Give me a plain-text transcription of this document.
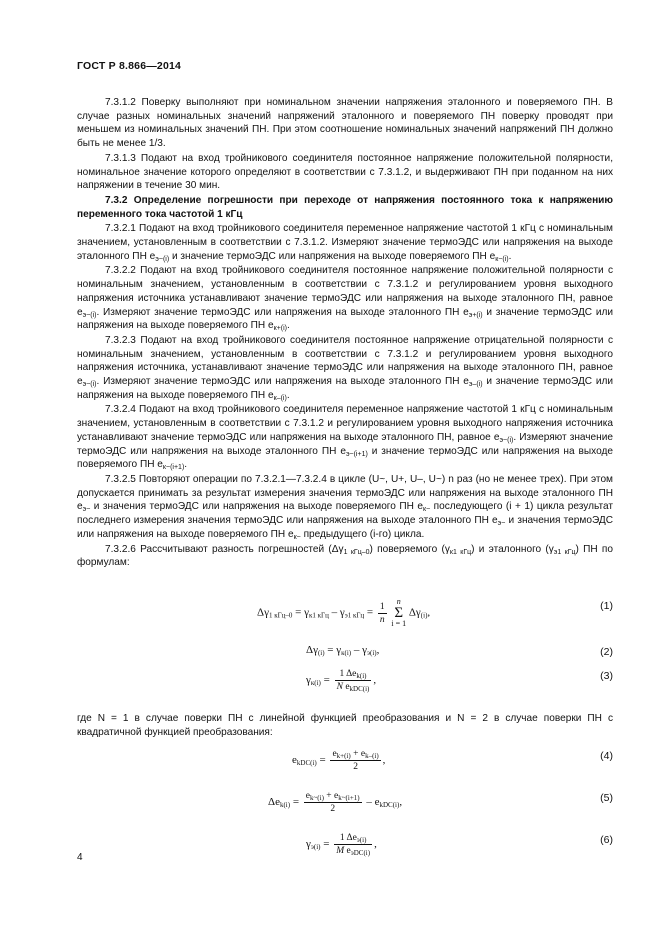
ГОСТ Р 8.866—2014

7.3.1.2 Поверку выполняют при номинальном значении напряжения эталонного и поверяемого ПН. В случае разных номинальных значений напряжений эталонного и поверяемого ПН поверку проводят при меньшем из номинальных значений ПН. При этом соотношение номинальных значений напряжений ПН должно быть не менее 1/3.

7.3.1.3 Подают на вход тройникового соединителя постоянное напряжение положительной полярности, номинальное значение которого определяют в соответствии с 7.3.1.2, и выдерживают ПН при поданном на них напряжении в течение 30 мин.

7.3.2 Определение погрешности при переходе от напряжения постоянного тока к напряжению переменного тока частотой 1 кГц

7.3.2.1 Подают на вход тройникового соединителя переменное напряжение частотой 1 кГц с номинальным значением, установленным в соответствии с 7.3.1.2. Измеряют значение термоЭДС или напряжения на выходе эталонного ПН $e_{э\sim(i)}$ и значение термоЭДС или напряжения на выходе поверяемого ПН $e_{к\sim(i)}$.

7.3.2.2 Подают на вход тройникового соединителя постоянное напряжение положительной полярности с номинальным значением, установленным в соответствии с 7.3.1.2 и регулированием уровня выходного напряжения источника устанавливают значение термоЭДС или напряжения на выходе эталонного ПН, равное $e_{э\sim(i)}$. Измеряют значение термоЭДС или напряжения на выходе эталонного ПН $e_{э+(i)}$ и значение термоЭДС или напряжения на выходе поверяемого ПН $e_{к+(i)}$.

7.3.2.3 Подают на вход тройникового соединителя постоянное напряжение отрицательной полярности с номинальным значением, установленным в соответствии с 7.3.1.2 и регулированием уровня выходного напряжения источника, устанавливают значение термоЭДС или напряжения на выходе эталонного ПН, равное $e_{э\sim(i)}$. Измеряют значение термоЭДС или напряжения на выходе эталонного ПН $e_{э-(i)}$ и значение термоЭДС или напряжения на выходе поверяемого ПН $e_{к-(i)}$.

7.3.2.4 Подают на вход тройникового соединителя переменное напряжение частотой 1 кГц с номинальным значением, установленным в соответствии с 7.3.1.2 и регулированием уровня выходного напряжения источника устанавливают значение термоЭДС или напряжения на выходе эталонного ПН, равное $e_{э\sim(i)}$. Измеряют значение термоЭДС или напряжения на выходе эталонного ПН $e_{э\sim(i+1)}$ и значение термоЭДС или напряжения на выходе поверяемого ПН $e_{к\sim(i+1)}$.

7.3.2.5 Повторяют операции по 7.3.2.1—7.3.2.4 в цикле (U~, U+, U–, U~) n раз (но не менее трех). При этом допускается принимать за результат измерения значения термоЭДС или напряжения на выходе эталонного ПН $e_{э\sim}$ и значения термоЭДС или напряжения на выходе поверяемого ПН $e_{к\sim}$ последующего (i + 1) цикла результат последнего измерения значения термоЭДС или напряжения на выходе эталонного ПН $e_{э\sim}$ и значения термоЭДС или напряжения на выходе поверяемого ПН $e_{к\sim}$ предыдущего (i-го) цикла.

7.3.2.6 Рассчитывают разность погрешностей $(\Delta\gamma_{1 кГц-0})$ поверяемого $(\gamma_{к1 кГц})$ и эталонного $(\gamma_{э1 кГц})$ ПН по формулам:

$\Delta\gamma_{1 кГц-0} = \gamma_{к1 кГц} - \gamma_{э1 кГц} = \frac{1}{n}$ n
Σ
i = 1 $\Delta\gamma_{(i)}$,
(1)
$\Delta\gamma_{(i)} = \gamma_{к(i)} - \gamma_{э(i)}$,	(2)
$\gamma_{к(i)} = \frac{1 \Delta e_{k(i)}}{N e_{kDC(i)}}$ ,	(3)

где N = 1 в случае поверки ПН с линейной функцией преобразования и N = 2 в случае поверки ПН с квадратичной функцией преобразования:

$e_{kDC(i)} = \frac{e_{k+(i)} + e_{k-(i)}}{2}$ ,	(4)
$\Delta e_{k(i)} = \frac{e_{k\sim(i)} + e_{k\sim(i+1)}}{2} - e_{kDC(i)}$,	(5)
$\gamma_{э(i)} = \frac{1 \Delta e_{э(i)}}{M e_{эDC(i)}}$ ,	(6)
4
